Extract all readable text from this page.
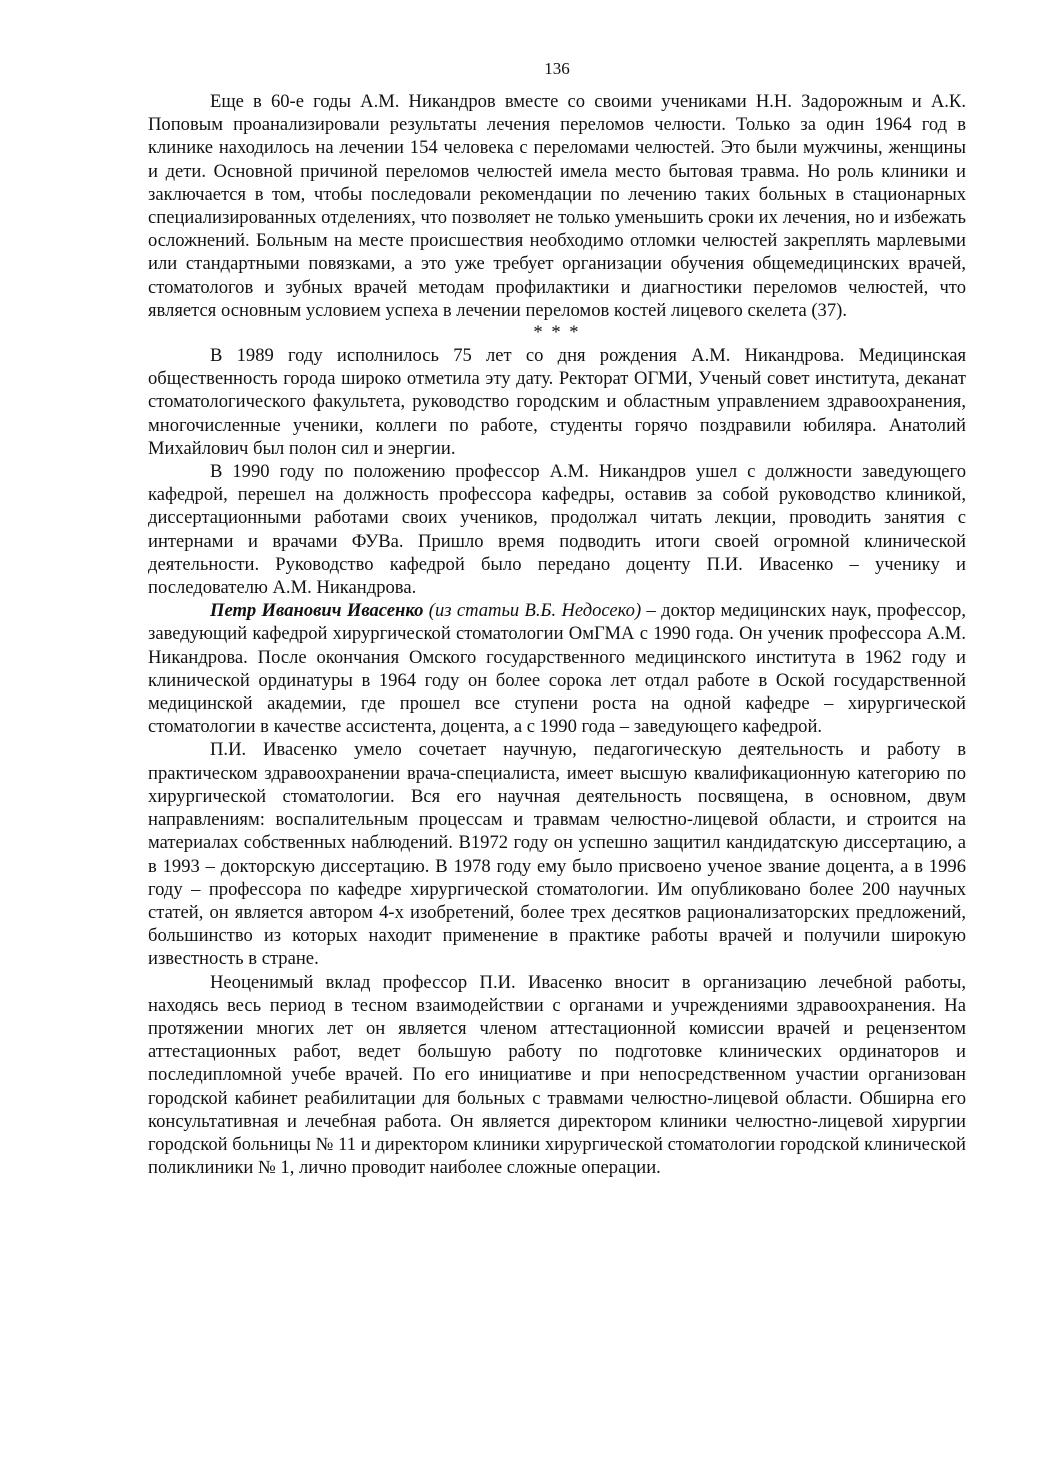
136

Еще в 60-е годы А.М. Никандров вместе со своими учениками Н.Н. Задорожным и А.К. Поповым проанализировали результаты лечения переломов челюсти. Только за один 1964 год в клинике находилось на лечении 154 человека с переломами челюстей. Это были мужчины, женщины и дети. Основной причиной переломов челюстей имела место бытовая травма. Но роль клиники и заключается в том, чтобы последовали рекомендации по лечению таких больных в стационарных специализированных отделениях, что позволяет не только уменьшить сроки их лечения, но и избежать осложнений. Больным на месте происшествия необходимо отломки челюстей закреплять марлевыми или стандартными повязками, а это уже требует организации обучения общемедицинских врачей, стоматологов и зубных врачей методам профилактики и диагностики переломов челюстей, что является основным условием успеха в лечении переломов костей лицевого скелета (37).

* * *

В 1989 году исполнилось 75 лет со дня рождения А.М. Никандрова. Медицинская общественность города широко отметила эту дату. Ректорат ОГМИ, Ученый совет института, деканат стоматологического факультета, руководство городским и областным управлением здравоохранения, многочисленные ученики, коллеги по работе, студенты горячо поздравили юбиляра. Анатолий Михайлович был полон сил и энергии.

В 1990 году по положению профессор А.М. Никандров ушел с должности заведующего кафедрой, перешел на должность профессора кафедры, оставив за собой руководство клиникой, диссертационными работами своих учеников, продолжал читать лекции, проводить занятия с интернами и врачами ФУВа. Пришло время подводить итоги своей огромной клинической деятельности. Руководство кафедрой было передано доценту П.И. Ивасенко – ученику и последователю А.М. Никандрова.

Петр Иванович Ивасенко (из статьи В.Б. Недосеко) – доктор медицинских наук, профессор, заведующий кафедрой хирургической стоматологии ОмГМА с 1990 года. Он ученик профессора А.М. Никандрова. После окончания Омского государственного медицинского института в 1962 году и клинической ординатуры в 1964 году он более сорока лет отдал работе в Оской государственной медицинской академии, где прошел все ступени роста на одной кафедре – хирургической стоматологии в качестве ассистента, доцента, а с 1990 года – заведующего кафедрой.

П.И. Ивасенко умело сочетает научную, педагогическую деятельность и работу в практическом здравоохранении врача-специалиста, имеет высшую квалификационную категорию по хирургической стоматологии. Вся его научная деятельность посвящена, в основном, двум направлениям: воспалительным процессам и травмам челюстно-лицевой области, и строится на материалах собственных наблюдений. В1972 году он успешно защитил кандидатскую диссертацию, а в 1993 – докторскую диссертацию. В 1978 году ему было присвоено ученое звание доцента, а в 1996 году – профессора по кафедре хирургической стоматологии. Им опубликовано более 200 научных статей, он является автором 4-х изобретений, более трех десятков рационализаторских предложений, большинство из которых находит применение в практике работы врачей и получили широкую известность в стране.

Неоценимый вклад профессор П.И. Ивасенко вносит в организацию лечебной работы, находясь весь период в тесном взаимодействии с органами и учреждениями здравоохранения. На протяжении многих лет он является членом аттестационной комиссии врачей и рецензентом аттестационных работ, ведет большую работу по подготовке клинических ординаторов и последипломной учебе врачей. По его инициативе и при непосредственном участии организован городской кабинет реабилитации для больных с травмами челюстно-лицевой области. Обширна его консультативная и лечебная работа. Он является директором клиники челюстно-лицевой хирургии городской больницы № 11 и директором клиники хирургической стоматологии городской клинической поликлиники № 1, лично проводит наиболее сложные операции.
